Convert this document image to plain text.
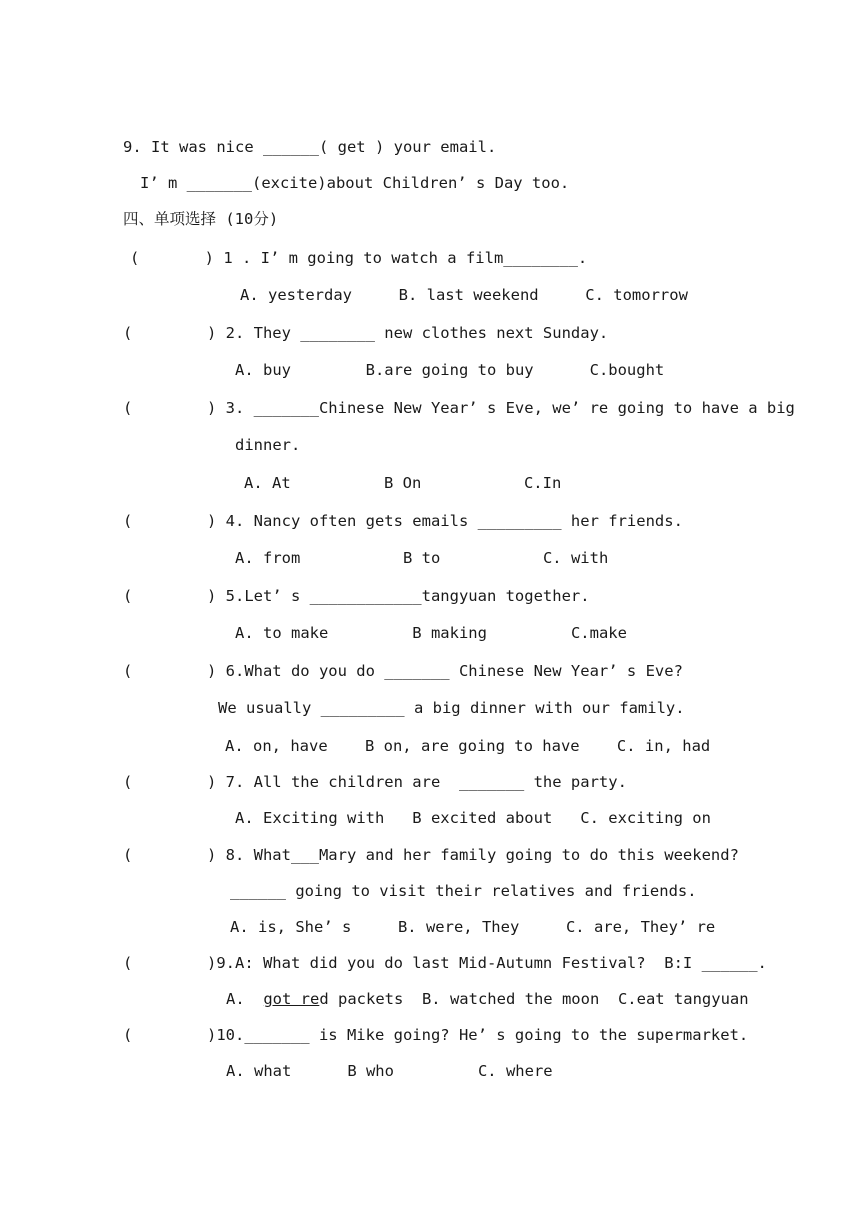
9. It was nice ______( get ) your email.
I’ m _______(excite)about Children’ s Day too.
四、单项选择 (10分)
(       ) 1 . I’ m going to watch a film________.
A. yesterday     B. last weekend     C. tomorrow
(        ) 2. They ________ new clothes next Sunday.
A. buy        B.are going to buy      C.bought
(        ) 3. _______Chinese New Year’ s Eve, we’ re going to have a big
dinner.
A. At          B On           C.In
(        ) 4. Nancy often gets emails _________ her friends.
A. from           B to           C. with
(        ) 5.Let’ s ____________tangyuan together.
A. to make         B making         C.make
(        ) 6.What do you do _______ Chinese New Year’ s Eve?
We usually _________ a big dinner with our family.
A. on, have    B on, are going to have    C. in, had
(        ) 7. All the children are  _______ the party.
A. Exciting with   B excited about   C. exciting on
(        ) 8. What___Mary and her family going to do this weekend?
______ going to visit their relatives and friends.
A. is, She’ s     B. were, They     C. are, They’ re
(        )9.A: What did you do last Mid-Autumn Festival?  B:I ______.
A.  got red packets  B. watched the moon  C.eat tangyuan
(        )10._______ is Mike going? He’ s going to the supermarket.
A. what      B who         C. where
